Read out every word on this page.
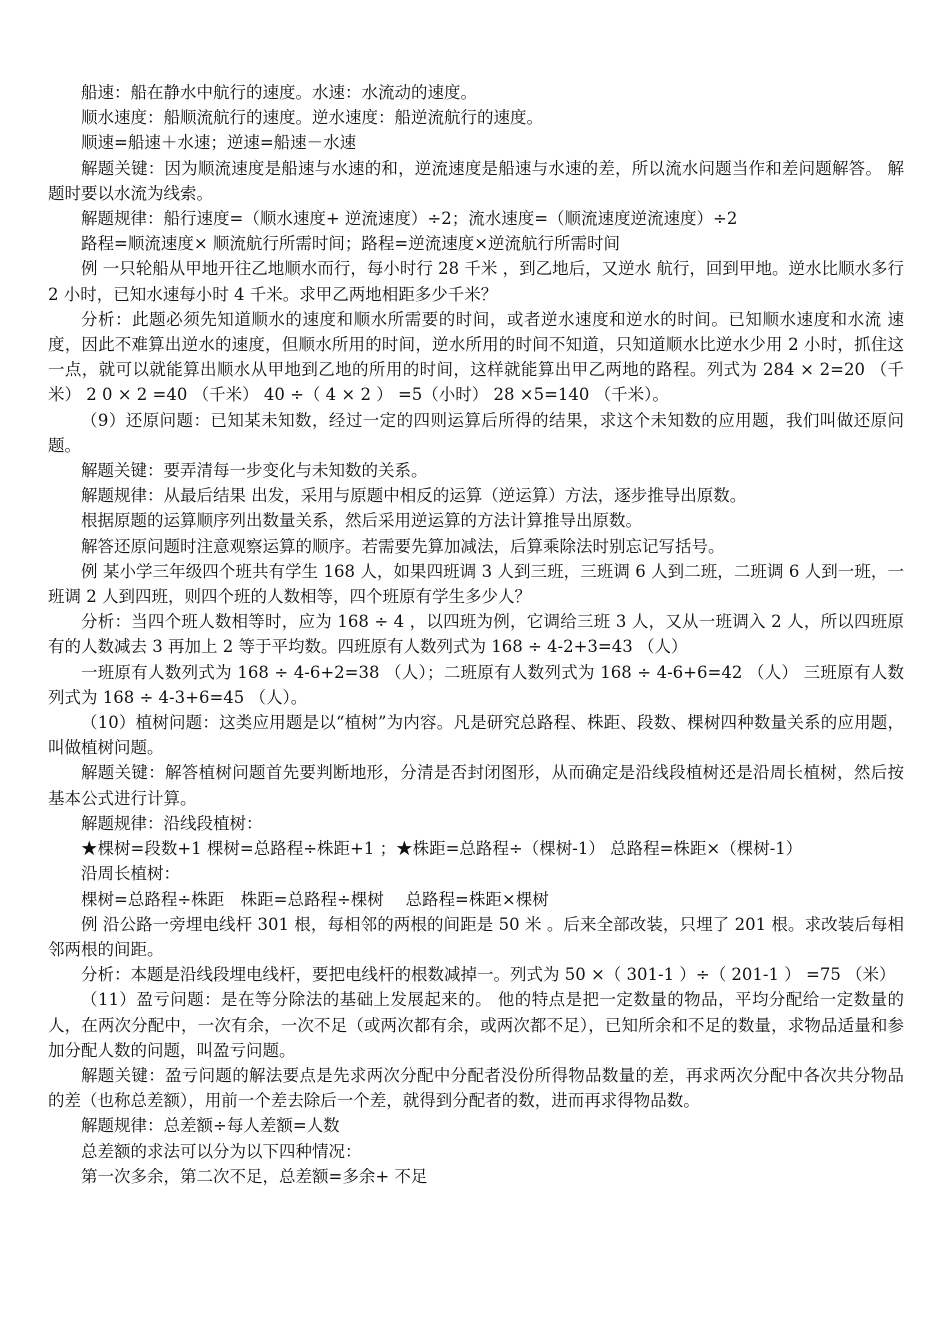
船速：船在静水中航行的速度。水速：水流动的速度。

顺水速度：船顺流航行的速度。逆水速度：船逆流航行的速度。

顺速=船速＋水速；逆速=船速－水速

解题关键：因为顺流速度是船速与水速的和，逆流速度是船速与水速的差，所以流水问题当作和差问题解答。 解题时要以水流为线索。

解题规律：船行速度=（顺水速度+ 逆流速度）÷2；流水速度=（顺流速度逆流速度）÷2

路程=顺流速度× 顺流航行所需时间；路程=逆流速度×逆流航行所需时间

例 一只轮船从甲地开往乙地顺水而行，每小时行 28 千米 ，到乙地后，又逆水 航行，回到甲地。逆水比顺水多行 2 小时，已知水速每小时 4 千米。求甲乙两地相距多少千米？

分析：此题必须先知道顺水的速度和顺水所需要的时间，或者逆水速度和逆水的时间。已知顺水速度和水流 速度，因此不难算出逆水的速度，但顺水所用的时间，逆水所用的时间不知道，只知道顺水比逆水少用 2 小时，抓住这一点，就可以就能算出顺水从甲地到乙地的所用的时间，这样就能算出甲乙两地的路程。列式为 284 × 2=20 （千米） 2 0 × 2 =40 （千米） 40 ÷（ 4 × 2 ） =5（小时） 28 ×5=140 （千米）。

（9）还原问题：已知某未知数，经过一定的四则运算后所得的结果，求这个未知数的应用题，我们叫做还原问题。

解题关键：要弄清每一步变化与未知数的关系。

解题规律：从最后结果 出发，采用与原题中相反的运算（逆运算）方法，逐步推导出原数。

根据原题的运算顺序列出数量关系，然后采用逆运算的方法计算推导出原数。

解答还原问题时注意观察运算的顺序。若需要先算加减法，后算乘除法时别忘记写括号。

例 某小学三年级四个班共有学生 168 人，如果四班调 3 人到三班，三班调 6 人到二班，二班调 6 人到一班，一班调 2 人到四班，则四个班的人数相等，四个班原有学生多少人？

分析：当四个班人数相等时，应为 168 ÷ 4 ，以四班为例，它调给三班 3 人，又从一班调入 2 人，所以四班原有的人数减去 3 再加上 2 等于平均数。四班原有人数列式为 168 ÷ 4-2+3=43 （人）

一班原有人数列式为 168 ÷ 4-6+2=38 （人）；二班原有人数列式为 168 ÷ 4-6+6=42 （人） 三班原有人数列式为 168 ÷ 4-3+6=45 （人）。

（10）植树问题：这类应用题是以“植树”为内容。凡是研究总路程、株距、段数、棵树四种数量关系的应用题，叫做植树问题。

解题关键：解答植树问题首先要判断地形，分清是否封闭图形，从而确定是沿线段植树还是沿周长植树，然后按基本公式进行计算。

解题规律：沿线段植树：

★棵树=段数+1 棵树=总路程÷株距+1 ；★株距=总路程÷（棵树-1） 总路程=株距×（棵树-1）

沿周长植树：

棵树=总路程÷株距　株距=总路程÷棵树　 总路程=株距×棵树

例 沿公路一旁埋电线杆 301 根，每相邻的两根的间距是 50 米 。后来全部改装，只埋了 201 根。求改装后每相邻两根的间距。

分析：本题是沿线段埋电线杆，要把电线杆的根数减掉一。列式为 50 ×（ 301-1 ）÷（ 201-1 ） =75 （米）

（11）盈亏问题：是在等分除法的基础上发展起来的。 他的特点是把一定数量的物品，平均分配给一定数量的人，在两次分配中，一次有余，一次不足（或两次都有余，或两次都不足），已知所余和不足的数量，求物品适量和参加分配人数的问题，叫盈亏问题。

解题关键：盈亏问题的解法要点是先求两次分配中分配者没份所得物品数量的差，再求两次分配中各次共分物品的差（也称总差额），用前一个差去除后一个差，就得到分配者的数，进而再求得物品数。

解题规律：总差额÷每人差额=人数

总差额的求法可以分为以下四种情况：

第一次多余，第二次不足，总差额=多余+ 不足
